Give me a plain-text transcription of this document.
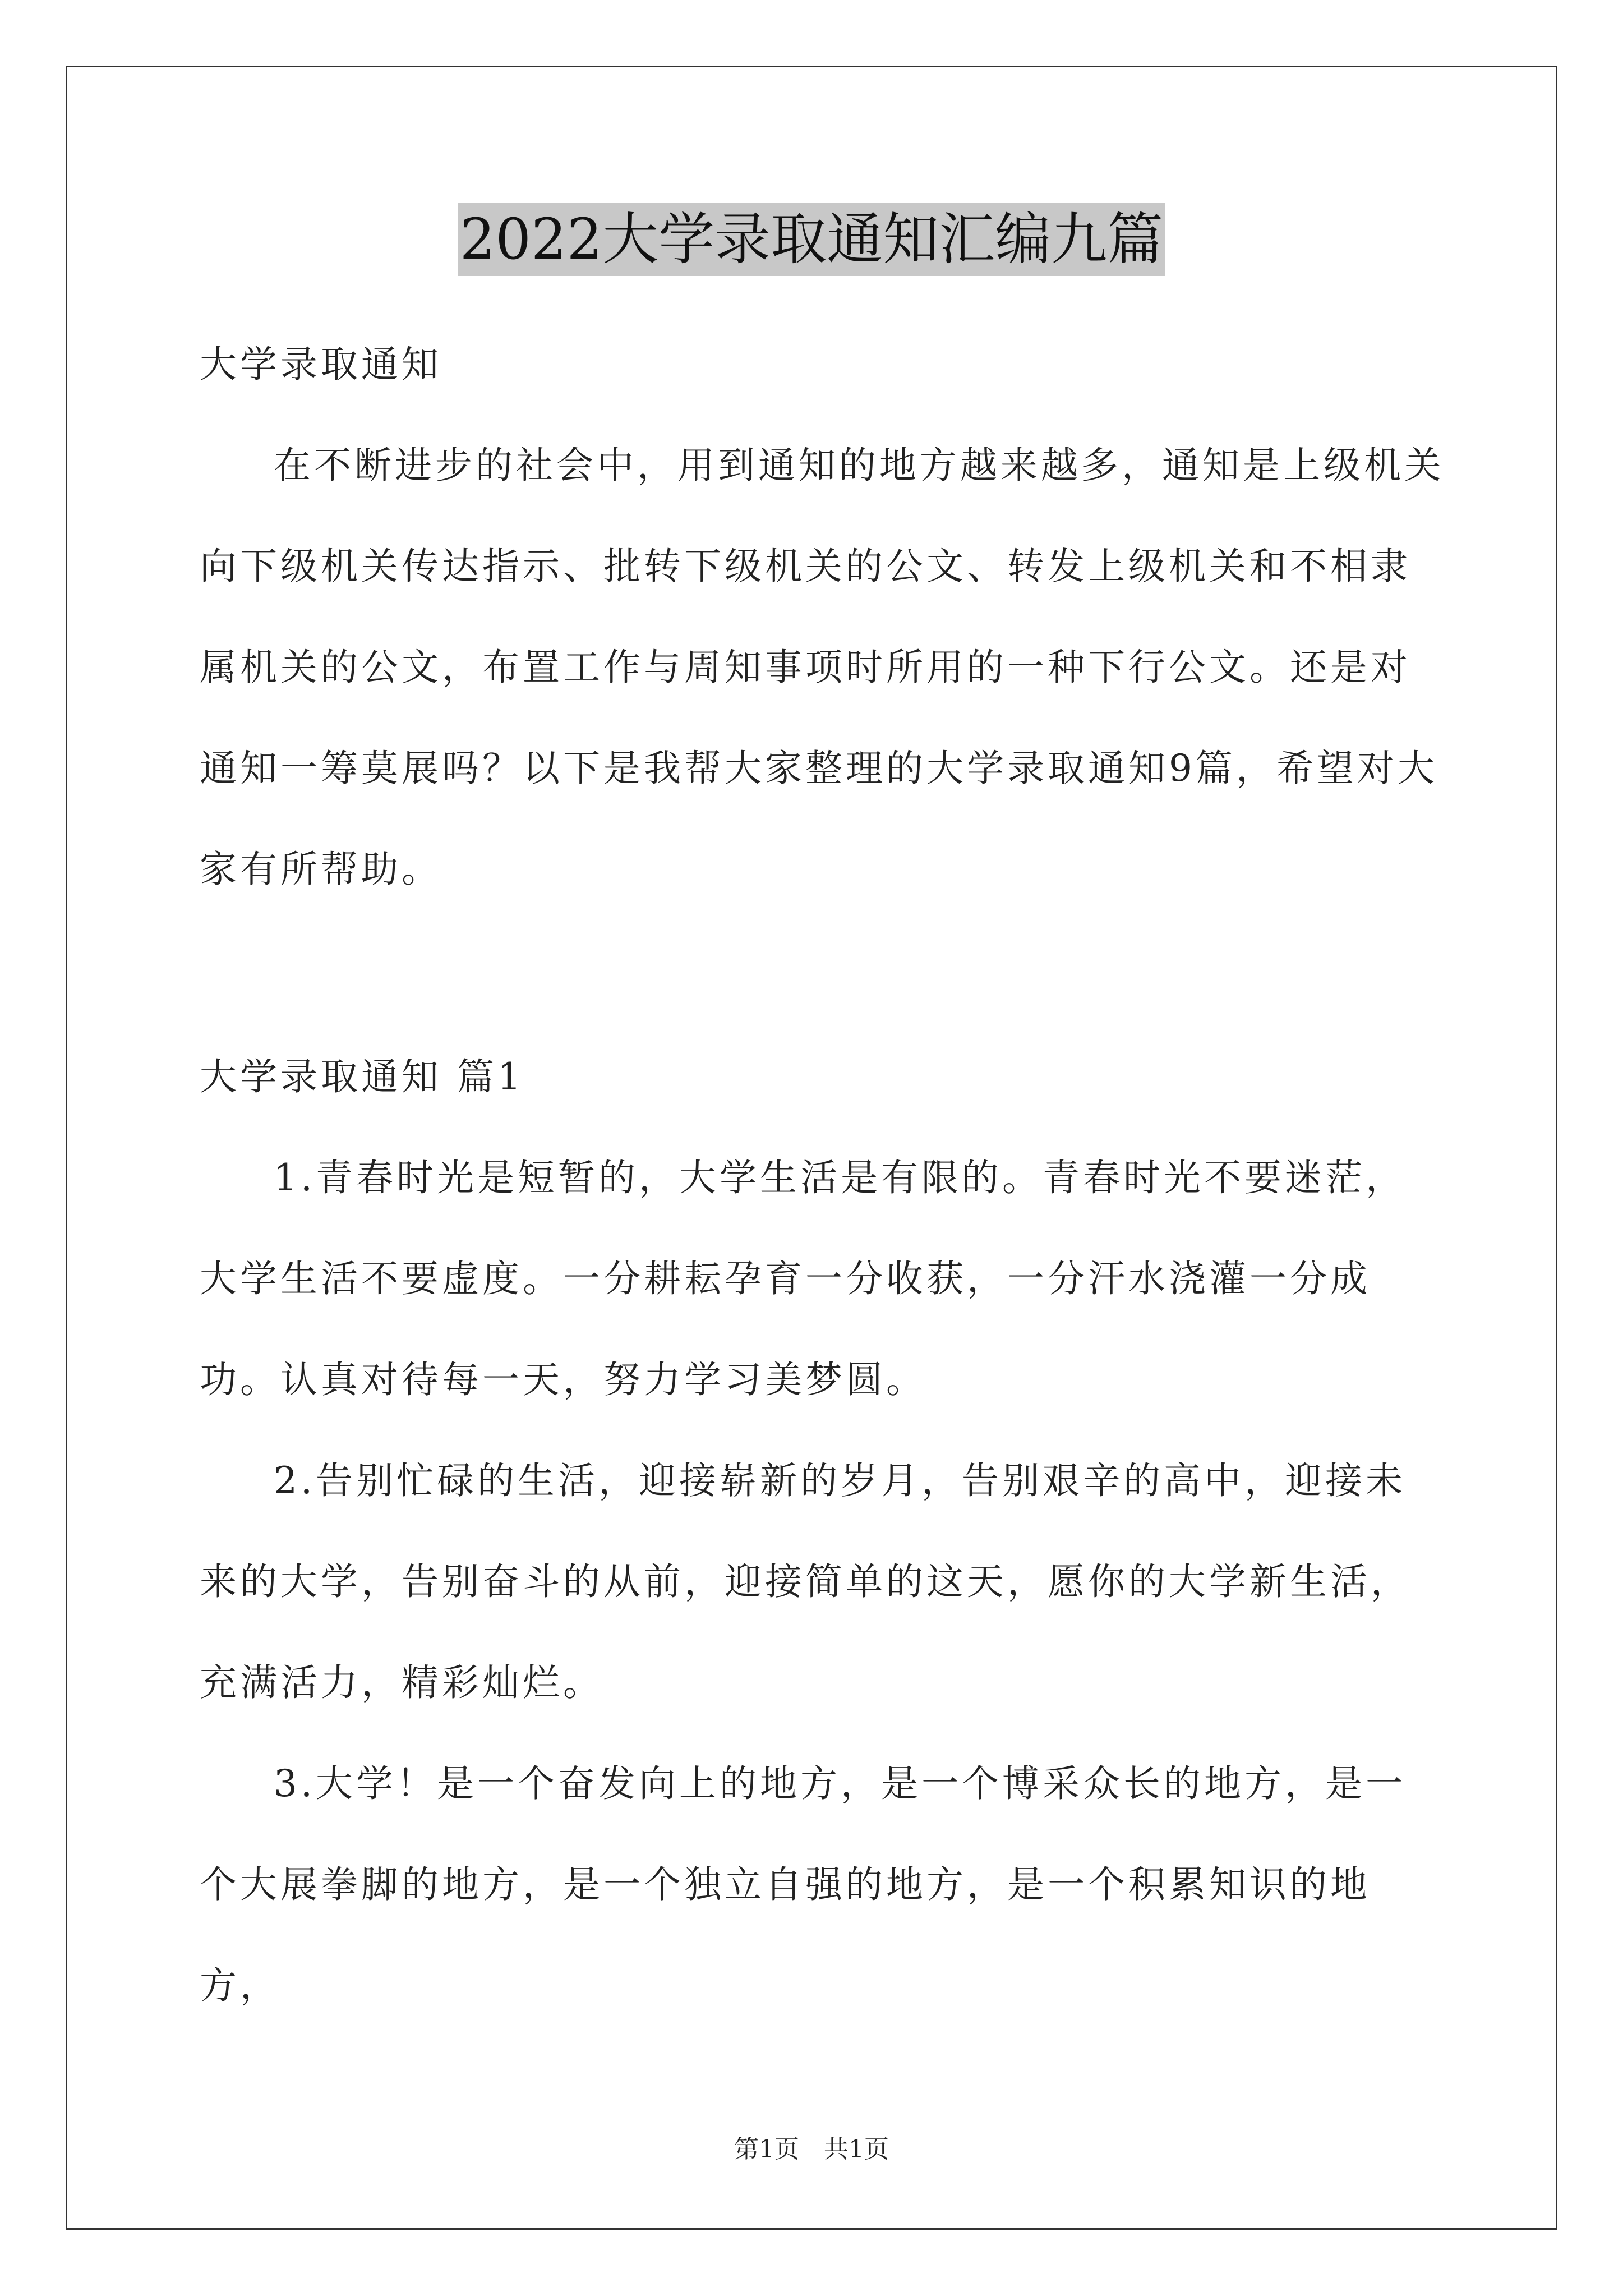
2022大学录取通知汇编九篇

大学录取通知

在不断进步的社会中，用到通知的地方越来越多，通知是上级机关向下级机关传达指示、批转下级机关的公文、转发上级机关和不相隶属机关的公文，布置工作与周知事项时所用的一种下行公文。还是对通知一筹莫展吗？以下是我帮大家整理的大学录取通知9篇，希望对大家有所帮助。

大学录取通知 篇1

1.青春时光是短暂的，大学生活是有限的。青春时光不要迷茫，大学生活不要虚度。一分耕耘孕育一分收获，一分汗水浇灌一分成功。认真对待每一天，努力学习美梦圆。

2.告别忙碌的生活，迎接崭新的岁月，告别艰辛的高中，迎接未来的大学，告别奋斗的从前，迎接简单的这天，愿你的大学新生活，充满活力，精彩灿烂。

3.大学！是一个奋发向上的地方，是一个博采众长的地方，是一个大展拳脚的地方，是一个独立自强的地方，是一个积累知识的地方，

第1页　共1页
